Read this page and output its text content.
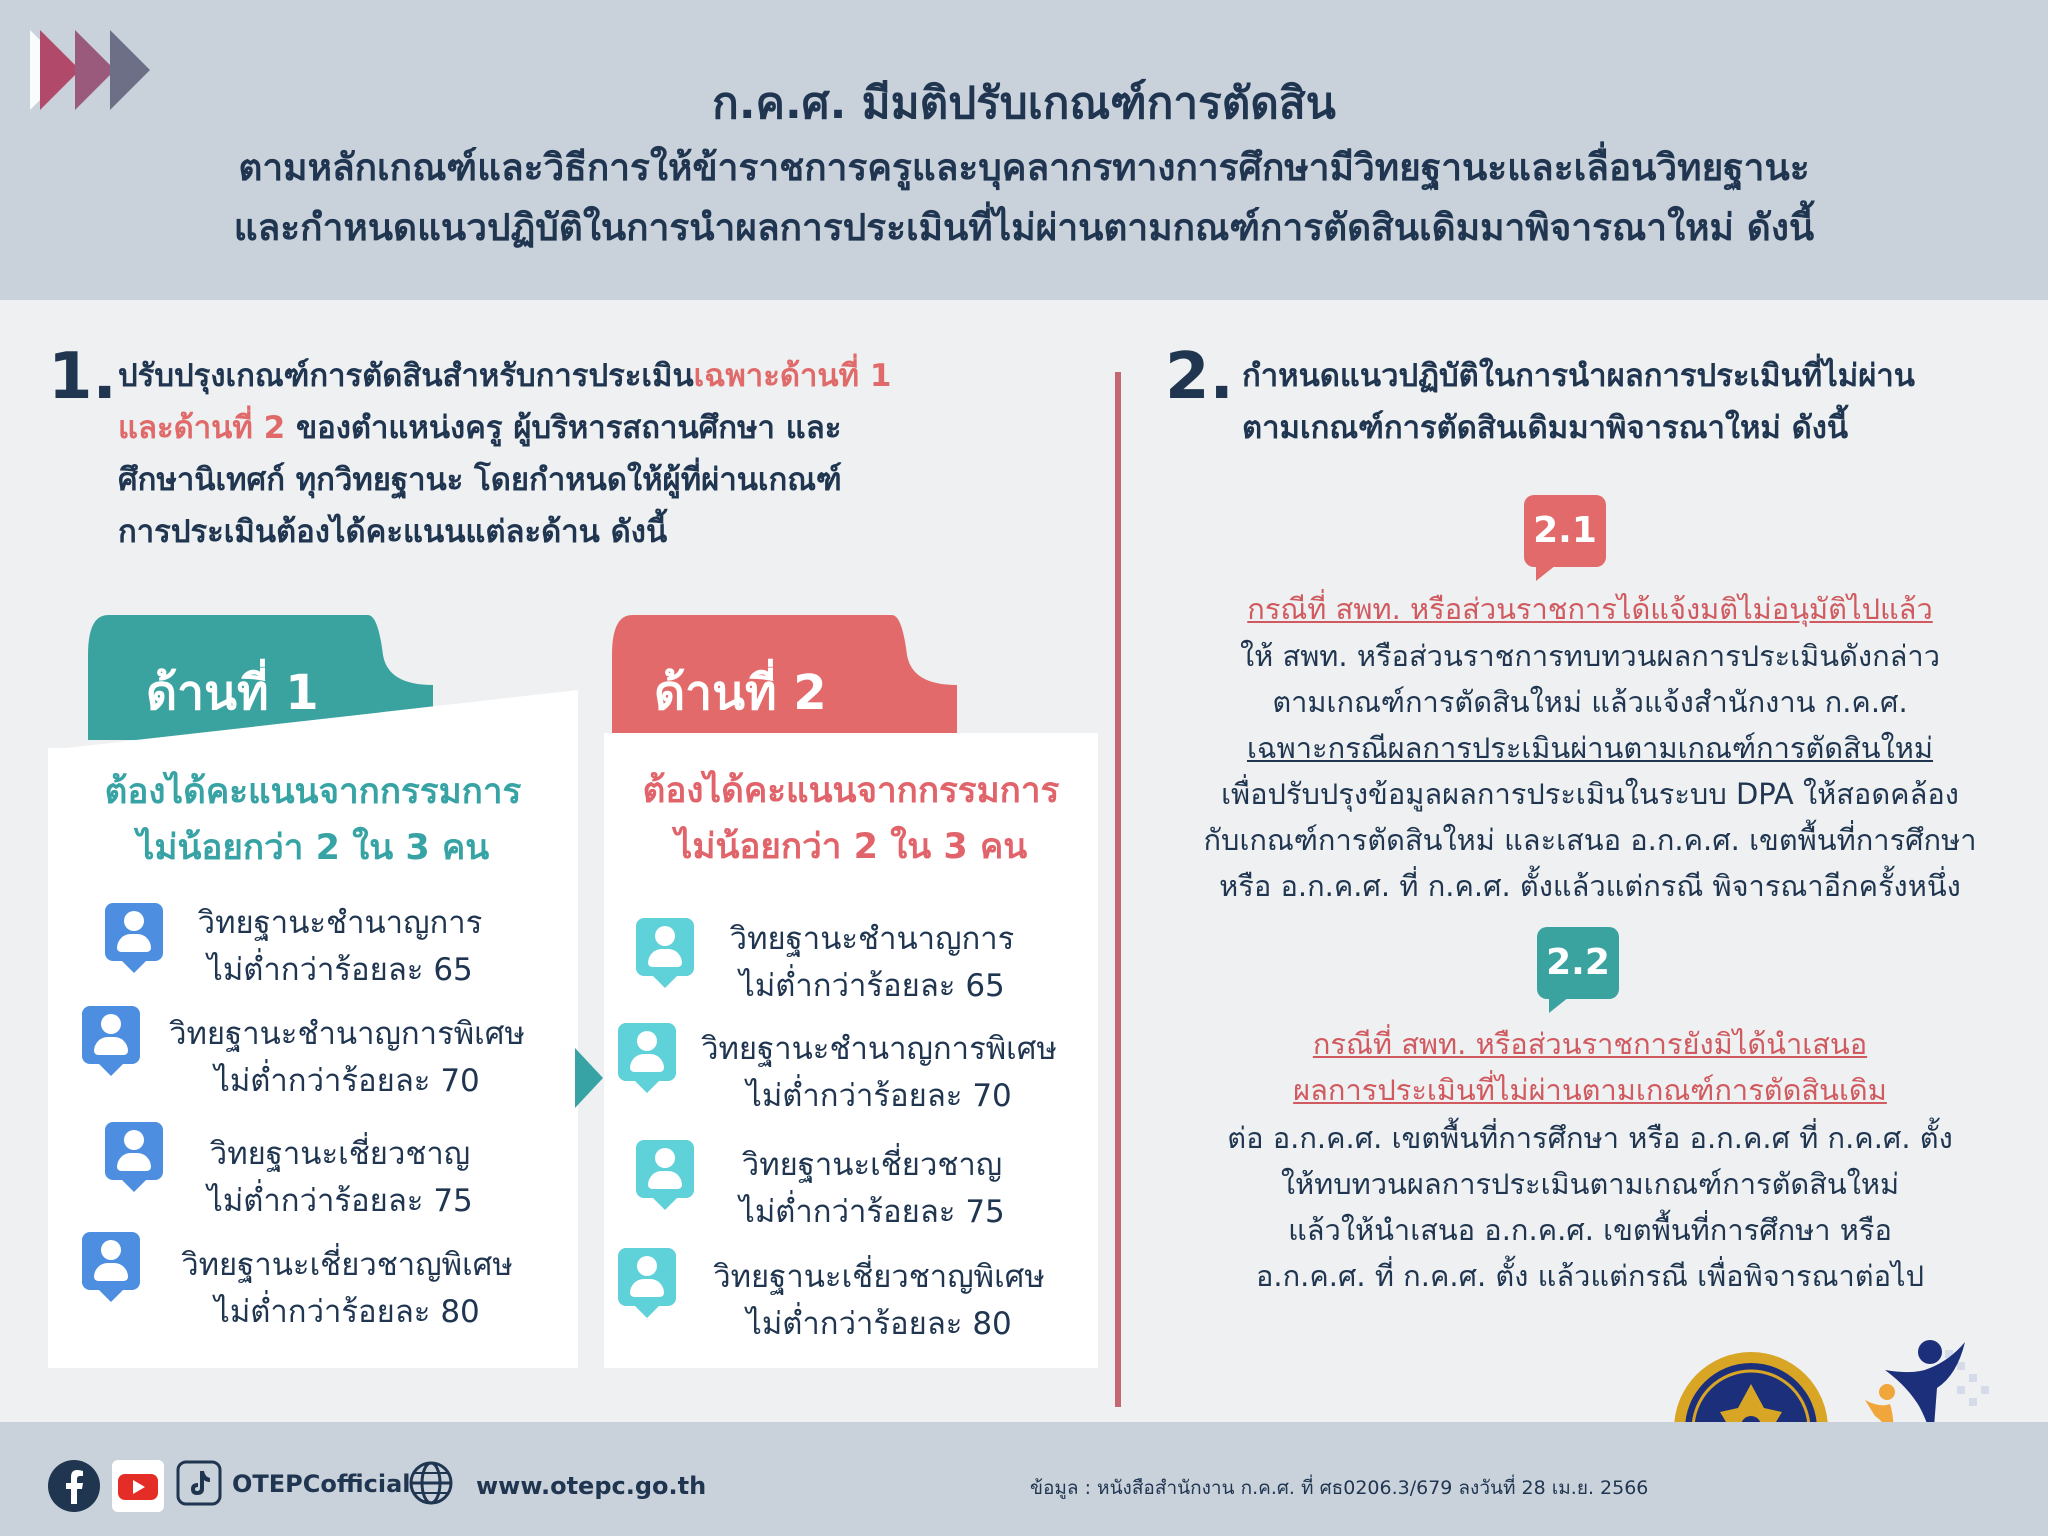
ก.ค.ศ. มีมติปรับเกณฑ์การตัดสิน
ตามหลักเกณฑ์และวิธีการให้ข้าราชการครูและบุคลากรทางการศึกษามีวิทยฐานะและเลื่อนวิทยฐานะ
และกำหนดแนวปฏิบัติในการนำผลการประเมินที่ไม่ผ่านตามกณฑ์การตัดสินเดิมมาพิจารณาใหม่ ดังนี้
1. ปรับปรุงเกณฑ์การตัดสินสำหรับการประเมินเฉพาะด้านที่ 1
และด้านที่ 2 ของตำแหน่งครู ผู้บริหารสถานศึกษา และ
ศึกษานิเทศก์ ทุกวิทยฐานะ โดยกำหนดให้ผู้ที่ผ่านเกณฑ์
การประเมินต้องได้คะแนนแต่ละด้าน ดังนี้
ด้านที่ 1
ต้องได้คะแนนจากกรรมการ
ไม่น้อยกว่า 2 ใน 3 คน
วิทยฐานะชำนาญการ
ไม่ต่ำกว่าร้อยละ 65
วิทยฐานะชำนาญการพิเศษ
ไม่ต่ำกว่าร้อยละ 70
วิทยฐานะเชี่ยวชาญ
ไม่ต่ำกว่าร้อยละ 75
วิทยฐานะเชี่ยวชาญพิเศษ
ไม่ต่ำกว่าร้อยละ 80
ด้านที่ 2
ต้องได้คะแนนจากกรรมการ
ไม่น้อยกว่า 2 ใน 3 คน
วิทยฐานะชำนาญการ
ไม่ต่ำกว่าร้อยละ 65
วิทยฐานะชำนาญการพิเศษ
ไม่ต่ำกว่าร้อยละ 70
วิทยฐานะเชี่ยวชาญ
ไม่ต่ำกว่าร้อยละ 75
วิทยฐานะเชี่ยวชาญพิเศษ
ไม่ต่ำกว่าร้อยละ 80
2. กำหนดแนวปฏิบัติในการนำผลการประเมินที่ไม่ผ่าน
ตามเกณฑ์การตัดสินเดิมมาพิจารณาใหม่ ดังนี้
2.1
กรณีที่ สพท. หรือส่วนราชการได้แจ้งมติไม่อนุมัติไปแล้ว
ให้ สพท. หรือส่วนราชการทบทวนผลการประเมินดังกล่าว
ตามเกณฑ์การตัดสินใหม่ แล้วแจ้งสำนักงาน ก.ค.ศ.
เฉพาะกรณีผลการประเมินผ่านตามเกณฑ์การตัดสินใหม่
เพื่อปรับปรุงข้อมูลผลการประเมินในระบบ DPA ให้สอดคล้อง
กับเกณฑ์การตัดสินใหม่ และเสนอ อ.ก.ค.ศ. เขตพื้นที่การศึกษา
หรือ อ.ก.ค.ศ. ที่ ก.ค.ศ. ตั้งแล้วแต่กรณี พิจารณาอีกครั้งหนึ่ง
2.2
กรณีที่ สพท. หรือส่วนราชการยังมิได้นำเสนอ
ผลการประเมินที่ไม่ผ่านตามเกณฑ์การตัดสินเดิม
ต่อ อ.ก.ค.ศ. เขตพื้นที่การศึกษา หรือ อ.ก.ค.ศ ที่ ก.ค.ศ. ตั้ง
ให้ทบทวนผลการประเมินตามเกณฑ์การตัดสินใหม่
แล้วให้นำเสนอ อ.ก.ค.ศ. เขตพื้นที่การศึกษา หรือ
อ.ก.ค.ศ. ที่ ก.ค.ศ. ตั้ง แล้วแต่กรณี เพื่อพิจารณาต่อไป
OTEPCofficial	www.otepc.go.th	ข้อมูล : หนังสือสำนักงาน ก.ค.ศ. ที่ ศธ0206.3/679 ลงวันที่ 28 เม.ย. 2566
